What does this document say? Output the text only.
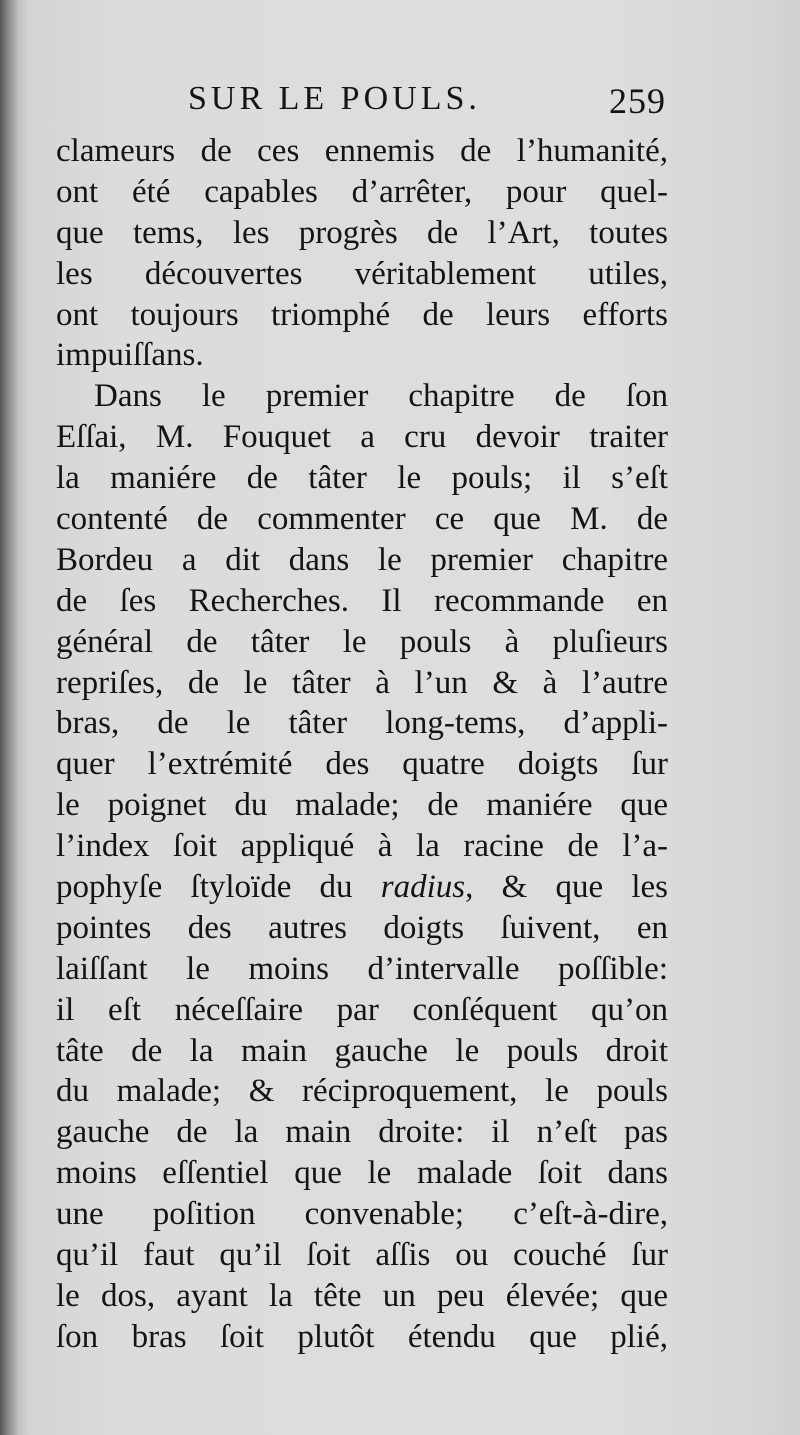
SUR LE POULS.	259
clameurs de ces ennemis de l’humanité,
ont été capables d’arrêter, pour quel-
que tems, les progrès de l’Art, toutes
les découvertes véritablement utiles,
ont toujours triomphé de leurs efforts
impuiſſans.
Dans le premier chapitre de ſon
Eſſai, M. Fouquet a cru devoir traiter
la maniére de tâter le pouls; il s’eſt
contenté de commenter ce que M. de
Bordeu a dit dans le premier chapitre
de ſes Recherches. Il recommande en
général de tâter le pouls à pluſieurs
repriſes, de le tâter à l’un & à l’autre
bras, de le tâter long-tems, d’appli-
quer l’extrémité des quatre doigts ſur
le poignet du malade; de maniére que
l’index ſoit appliqué à la racine de l’a-
pophyſe ſtyloïde du radius, & que les
pointes des autres doigts ſuivent, en
laiſſant le moins d’intervalle poſſible:
il eſt néceſſaire par conſéquent qu’on
tâte de la main gauche le pouls droit
du malade; & réciproquement, le pouls
gauche de la main droite: il n’eſt pas
moins eſſentiel que le malade ſoit dans
une poſition convenable; c’eſt-à-dire,
qu’il faut qu’il ſoit aſſis ou couché ſur
le dos, ayant la tête un peu élevée; que
ſon bras ſoit plutôt étendu que plié,
